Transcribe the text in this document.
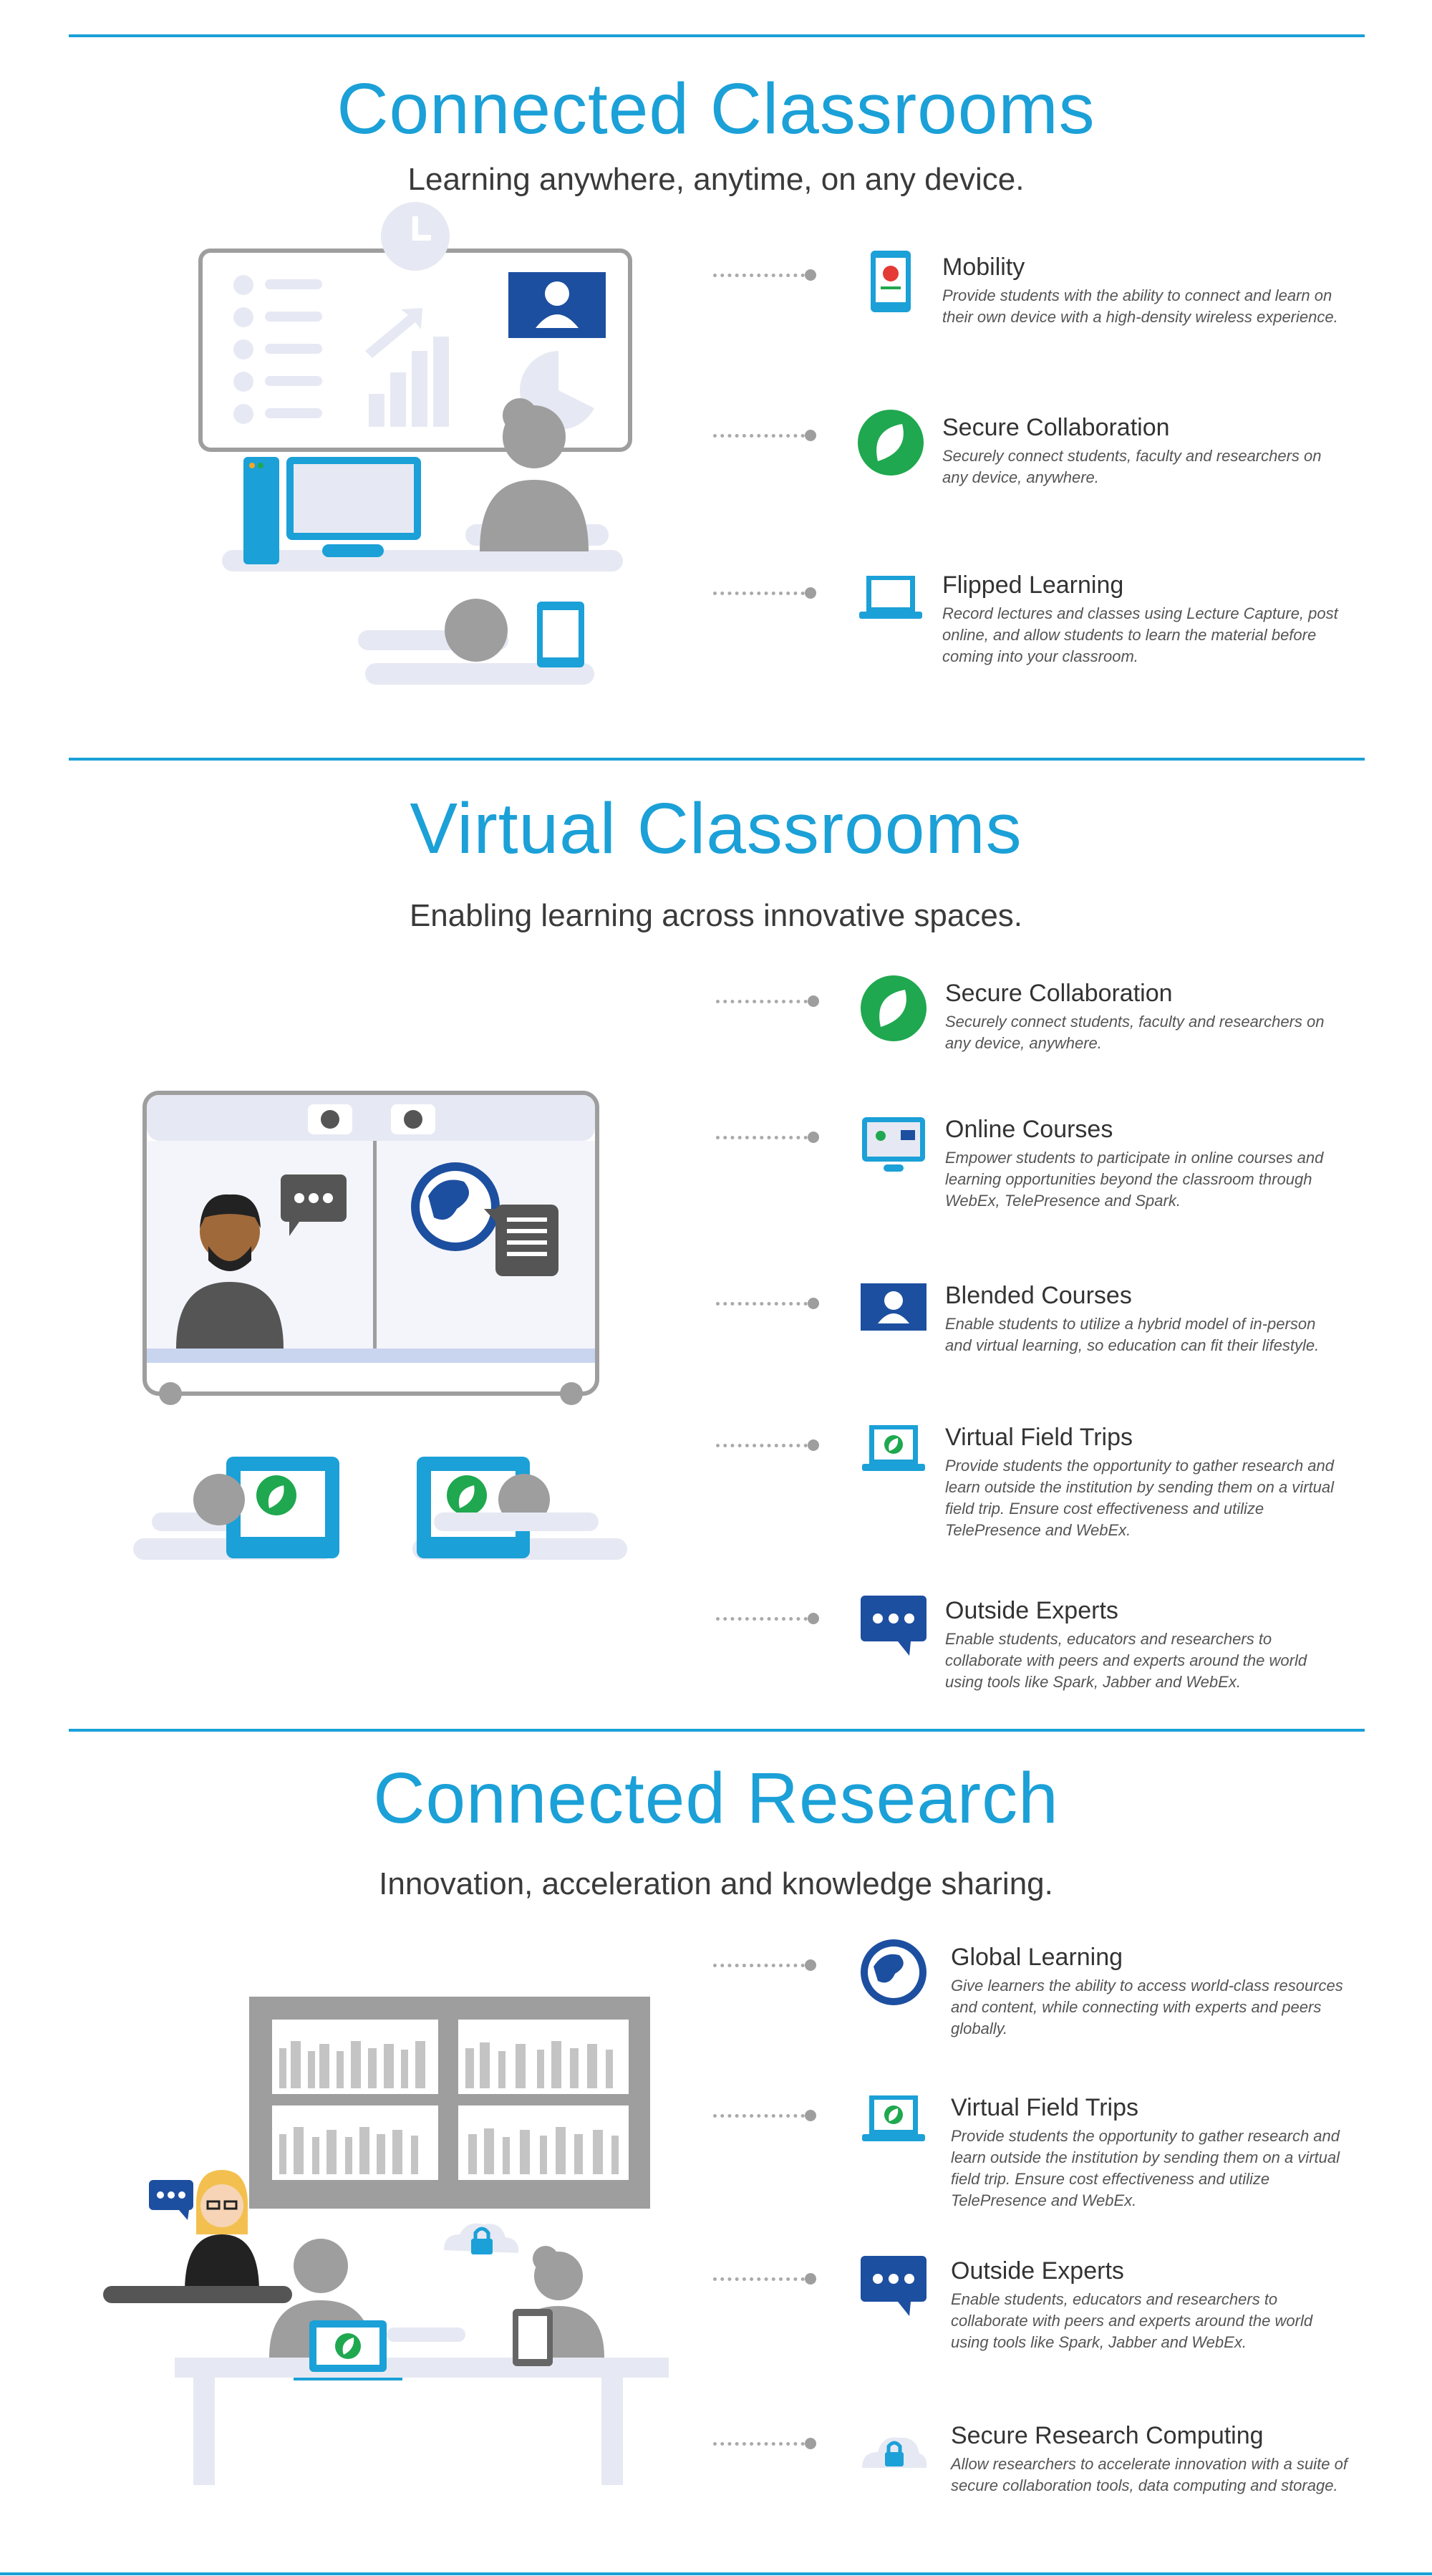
Connected Classrooms

Learning anywhere, anytime, on any device.

Mobility
Provide students with the ability to connect and learn on their own device with a high-density wireless experience.
Secure Collaboration
Securely connect students, faculty and researchers on any device, anywhere.
Flipped Learning
Record lectures and classes using Lecture Capture, post online, and allow students to learn the material before coming into your classroom.
Virtual Classrooms

Enabling learning across innovative spaces.

Secure Collaboration
Securely connect students, faculty and researchers on any device, anywhere.
Online Courses
Empower students to participate in online courses and learning opportunities beyond the classroom through WebEx, TelePresence and Spark.
Blended Courses
Enable students to utilize a hybrid model of in-person and virtual learning, so education can fit their lifestyle.
Virtual Field Trips
Provide students the opportunity to gather research and learn outside the institution by sending them on a virtual field trip. Ensure cost effectiveness and utilize TelePresence and WebEx.
Outside Experts
Enable students, educators and researchers to collaborate with peers and experts around the world using tools like Spark, Jabber and WebEx.
Connected Research

Innovation, acceleration and knowledge sharing.

Global Learning
Give learners the ability to access world-class resources and content, while connecting with experts and peers globally.
Virtual Field Trips
Provide students the opportunity to gather research and learn outside the institution by sending them on a virtual field trip. Ensure cost effectiveness and utilize TelePresence and WebEx.
Outside Experts
Enable students, educators and researchers to collaborate with peers and experts around the world using tools like Spark, Jabber and WebEx.
Secure Research Computing
Allow researchers to accelerate innovation with a suite of secure collaboration tools, data computing and storage.
